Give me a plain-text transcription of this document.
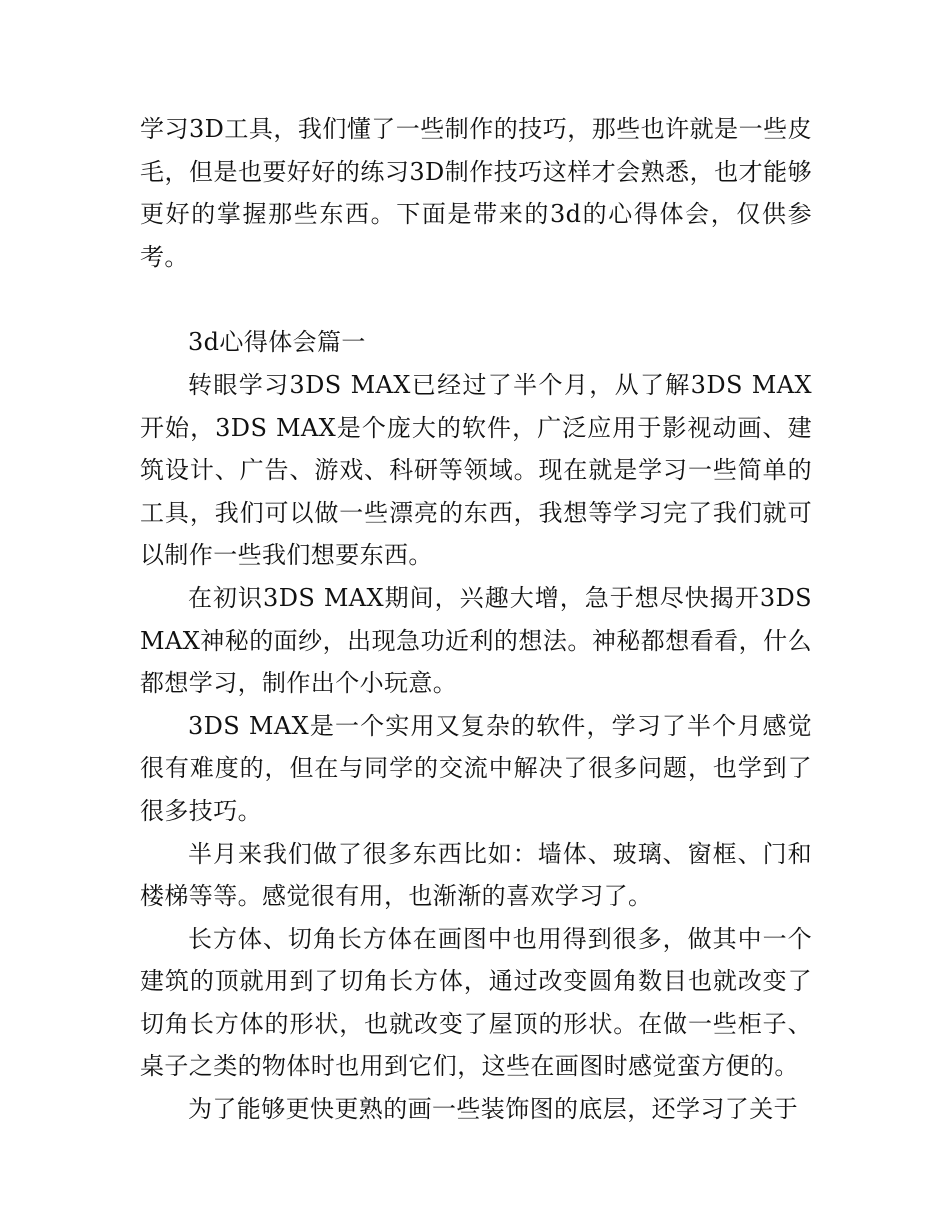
学习3D工具，我们懂了一些制作的技巧，那些也许就是一些皮毛，但是也要好好的练习3D制作技巧这样才会熟悉，也才能够更好的掌握那些东西。下面是带来的3d的心得体会，仅供参考。

3d心得体会篇一

转眼学习3DS MAX已经过了半个月，从了解3DS MAX开始，3DS MAX是个庞大的软件，广泛应用于影视动画、建筑设计、广告、游戏、科研等领域。现在就是学习一些简单的工具，我们可以做一些漂亮的东西，我想等学习完了我们就可以制作一些我们想要东西。

在初识3DS MAX期间，兴趣大增，急于想尽快揭开3DS MAX神秘的面纱，出现急功近利的想法。神秘都想看看，什么都想学习，制作出个小玩意。

3DS MAX是一个实用又复杂的软件，学习了半个月感觉很有难度的，但在与同学的交流中解决了很多问题，也学到了很多技巧。

半月来我们做了很多东西比如：墙体、玻璃、窗框、门和楼梯等等。感觉很有用，也渐渐的喜欢学习了。

长方体、切角长方体在画图中也用得到很多，做其中一个建筑的顶就用到了切角长方体，通过改变圆角数目也就改变了切角长方体的形状，也就改变了屋顶的形状。在做一些柜子、桌子之类的物体时也用到它们，这些在画图时感觉蛮方便的。

为了能够更快更熟的画一些装饰图的底层，还学习了关于
